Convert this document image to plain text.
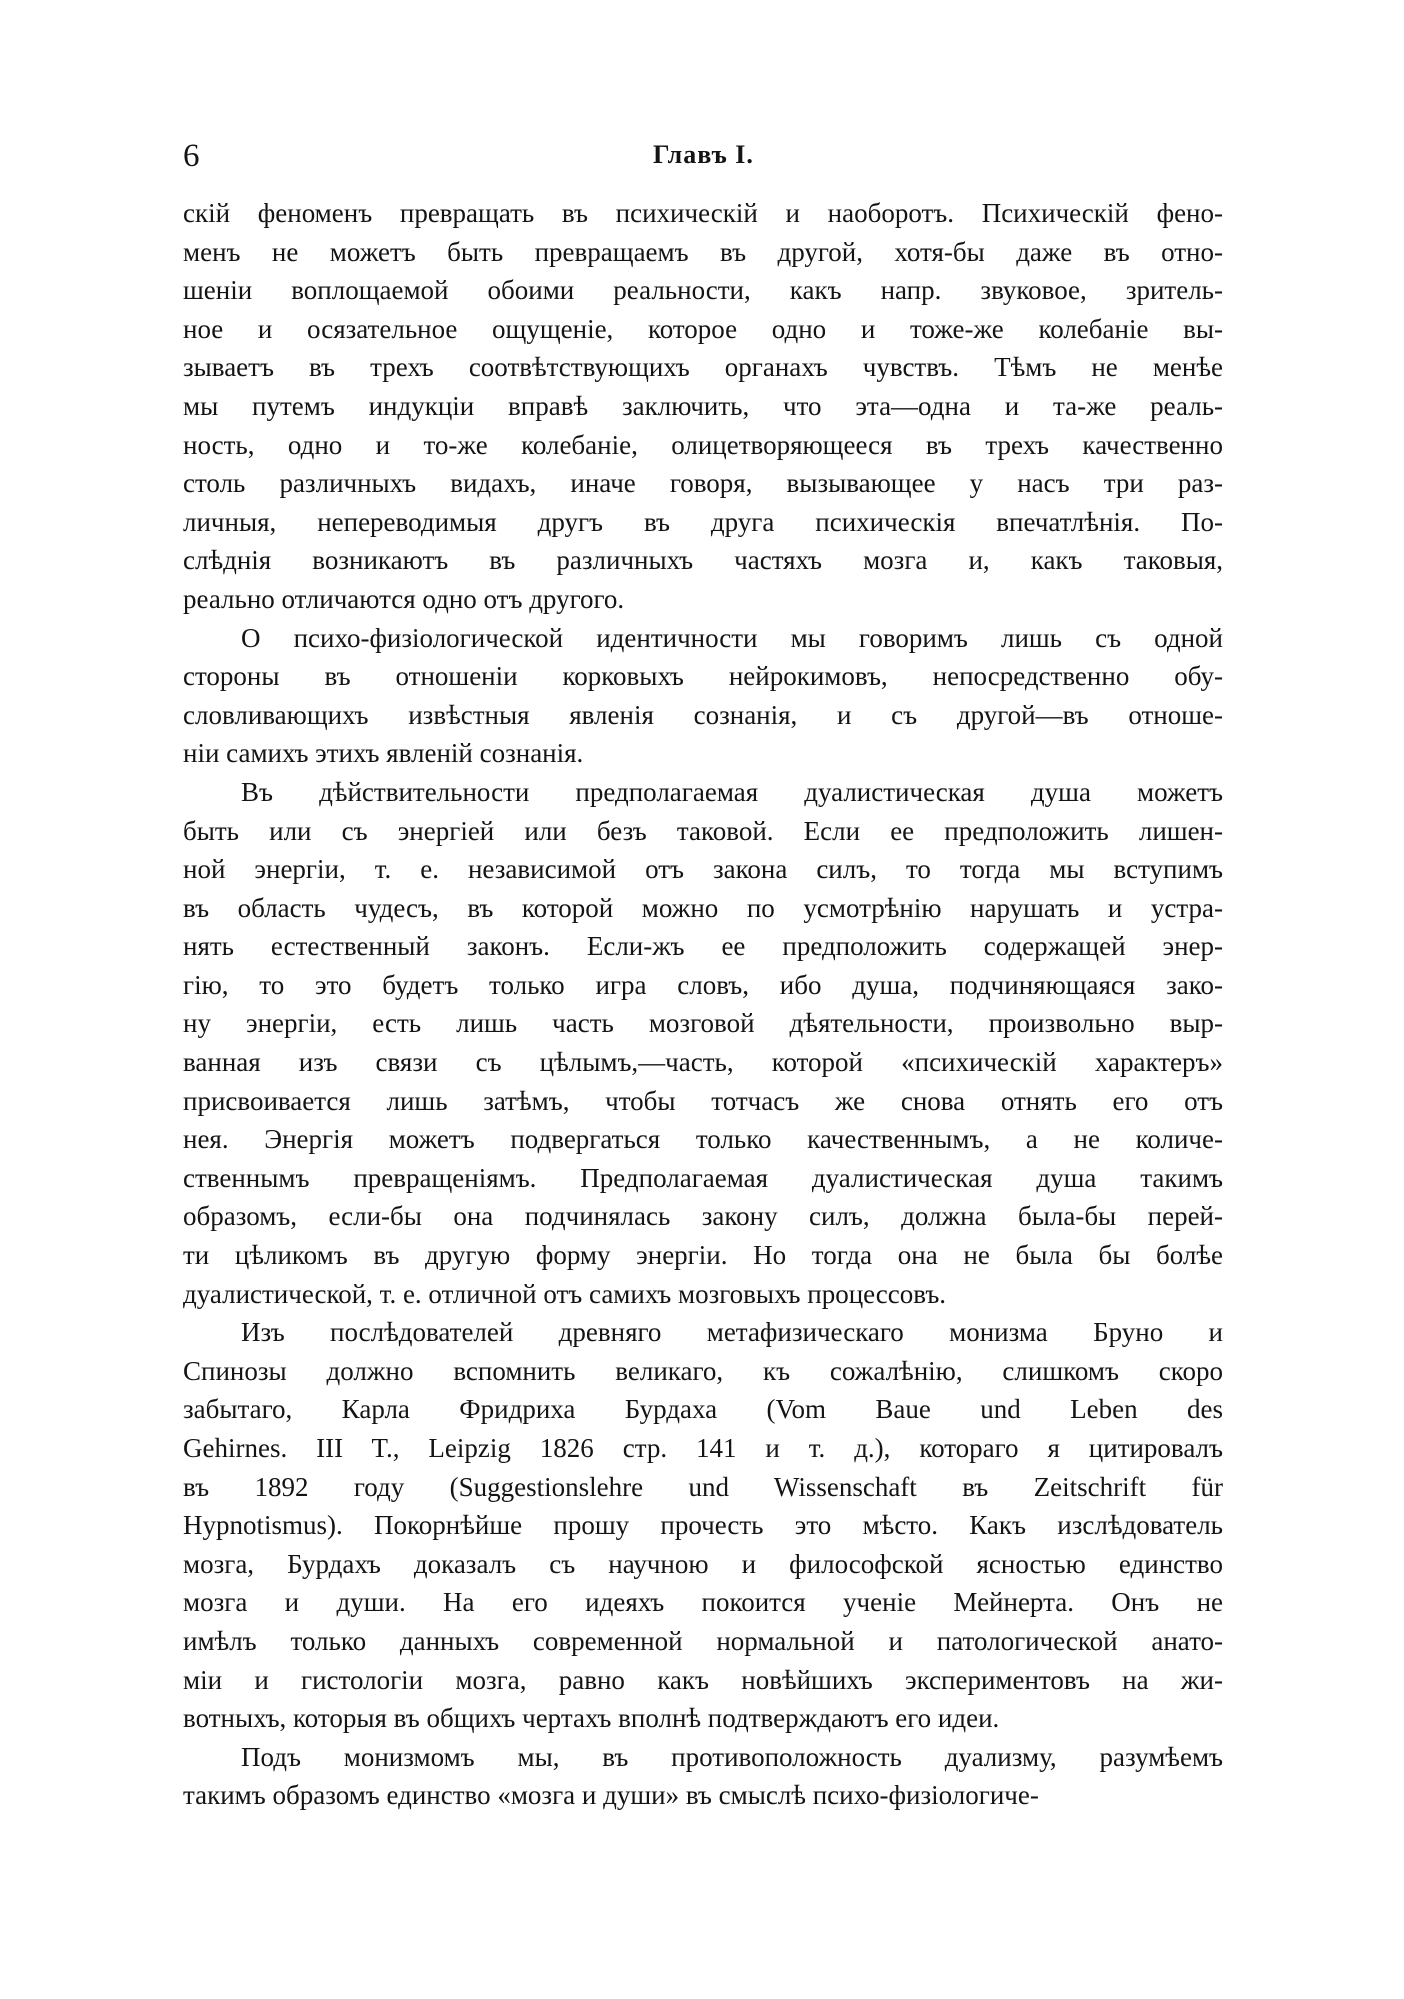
6	Главъ I.

скій феноменъ превращать въ психическій и наоборотъ. Психическій фено-
менъ не можетъ быть превращаемъ въ другой, хотя-бы даже въ отно-
шеніи воплощаемой обоими реальности, какъ напр. звуковое, зритель-
ное и осязательное ощущеніе, которое одно и тоже-же колебаніе вы-
зываетъ въ трехъ соотвѣтствующихъ органахъ чувствъ. Тѣмъ не менѣе
мы путемъ индукціи вправѣ заключить, что эта—одна и та-же реаль-
ность, одно и то-же колебаніе, олицетворяющееся въ трехъ качественно
столь различныхъ видахъ, иначе говоря, вызывающее у насъ три раз-
личныя, непереводимыя другъ въ друга психическія впечатлѣнія. По-
слѣднія возникаютъ въ различныхъ частяхъ мозга и, какъ таковыя,
реально отличаются одно отъ другого.

О психо-физіологической идентичности мы говоримъ лишь съ одной
стороны въ отношеніи корковыхъ нейрокимовъ, непосредственно обу-
словливающихъ извѣстныя явленія сознанія, и съ другой—въ отноше-
ніи самихъ этихъ явленій сознанія.

Въ дѣйствительности предполагаемая дуалистическая душа можетъ
быть или съ энергіей или безъ таковой. Если ее предположить лишен-
ной энергіи, т. е. независимой отъ закона силъ, то тогда мы вступимъ
въ область чудесъ, въ которой можно по усмотрѣнію нарушать и устра-
нять естественный законъ. Если-жъ ее предположить содержащей энер-
гію, то это будетъ только игра словъ, ибо душа, подчиняющаяся зако-
ну энергіи, есть лишь часть мозговой дѣятельности, произвольно выр-
ванная изъ связи съ цѣлымъ,—часть, которой «психическій характеръ»
присвоивается лишь затѣмъ, чтобы тотчасъ же снова отнять его отъ
нея. Энергія можетъ подвергаться только качественнымъ, а не количе-
ственнымъ превращеніямъ. Предполагаемая дуалистическая душа такимъ
образомъ, если-бы она подчинялась закону силъ, должна была-бы перей-
ти цѣликомъ въ другую форму энергіи. Но тогда она не была бы болѣе
дуалистической, т. е. отличной отъ самихъ мозговыхъ процессовъ.

Изъ послѣдователей древняго метафизическаго монизма Бруно и
Спинозы должно вспомнить великаго, къ сожалѣнію, слишкомъ скоро
забытаго, Карла Фридриха Бурдаха (Vom Baue und Leben des
Gehirnes. III T., Leipzig 1826 стр. 141 и т. д.), котораго я цитировалъ
въ 1892 году (Suggestionslehre und Wissenschaft въ Zeitschrift für
Hypnotismus). Покорнѣйше прошу прочесть это мѣсто. Какъ изслѣдователь
мозга, Бурдахъ доказалъ съ научною и философской ясностью единство
мозга и души. На его идеяхъ покоится ученіе Мейнерта. Онъ не
имѣлъ только данныхъ современной нормальной и патологической анато-
міи и гистологіи мозга, равно какъ новѣйшихъ экспериментовъ на жи-
вотныхъ, которыя въ общихъ чертахъ вполнѣ подтверждаютъ его идеи.

Подъ монизмомъ мы, въ противоположность дуализму, разумѣемъ
такимъ образомъ единство «мозга и души» въ смыслѣ психо-физіологиче-
